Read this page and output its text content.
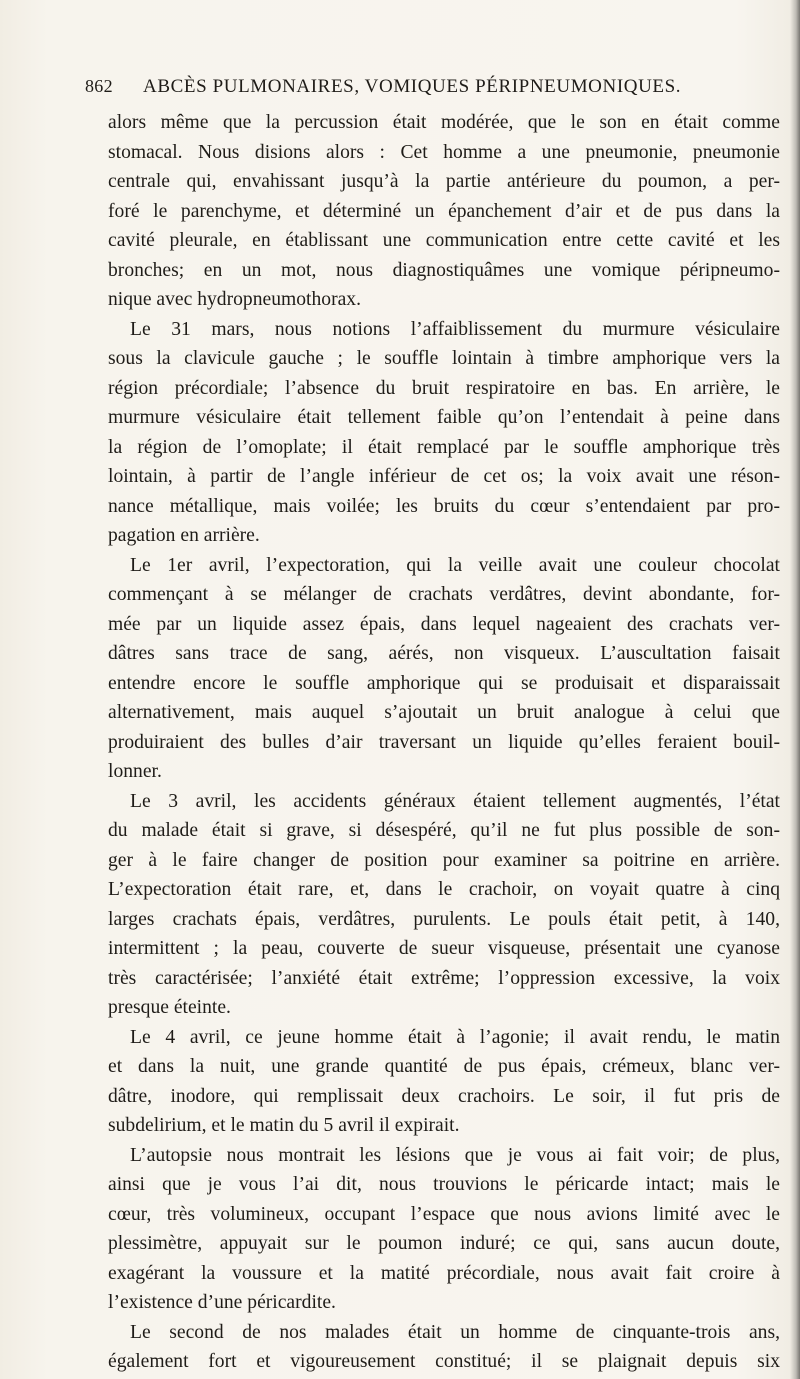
862 ABCÈS PULMONAIRES, VOMIQUES PÉRIPNEUMONIQUES.
alors même que la percussion était modérée, que le son en était comme
stomacal. Nous disions alors : Cet homme a une pneumonie, pneumonie
centrale qui, envahissant jusqu’à la partie antérieure du poumon, a per-
foré le parenchyme, et déterminé un épanchement d’air et de pus dans la
cavité pleurale, en établissant une communication entre cette cavité et les
bronches; en un mot, nous diagnostiquâmes une vomique péripneumo-
nique avec hydropneumothorax.
Le 31 mars, nous notions l’affaiblissement du murmure vésiculaire
sous la clavicule gauche ; le souffle lointain à timbre amphorique vers la
région précordiale; l’absence du bruit respiratoire en bas. En arrière, le
murmure vésiculaire était tellement faible qu’on l’entendait à peine dans
la région de l’omoplate; il était remplacé par le souffle amphorique très
lointain, à partir de l’angle inférieur de cet os; la voix avait une réson-
nance métallique, mais voilée; les bruits du cœur s’entendaient par pro-
pagation en arrière.
Le 1er avril, l’expectoration, qui la veille avait une couleur chocolat
commençant à se mélanger de crachats verdâtres, devint abondante, for-
mée par un liquide assez épais, dans lequel nageaient des crachats ver-
dâtres sans trace de sang, aérés, non visqueux. L’auscultation faisait
entendre encore le souffle amphorique qui se produisait et disparaissait
alternativement, mais auquel s’ajoutait un bruit analogue à celui que
produiraient des bulles d’air traversant un liquide qu’elles feraient bouil-
lonner.
Le 3 avril, les accidents généraux étaient tellement augmentés, l’état
du malade était si grave, si désespéré, qu’il ne fut plus possible de son-
ger à le faire changer de position pour examiner sa poitrine en arrière.
L’expectoration était rare, et, dans le crachoir, on voyait quatre à cinq
larges crachats épais, verdâtres, purulents. Le pouls était petit, à 140,
intermittent ; la peau, couverte de sueur visqueuse, présentait une cyanose
très caractérisée; l’anxiété était extrême; l’oppression excessive, la voix
presque éteinte.
Le 4 avril, ce jeune homme était à l’agonie; il avait rendu, le matin
et dans la nuit, une grande quantité de pus épais, crémeux, blanc ver-
dâtre, inodore, qui remplissait deux crachoirs. Le soir, il fut pris de
subdelirium, et le matin du 5 avril il expirait.
L’autopsie nous montrait les lésions que je vous ai fait voir; de plus,
ainsi que je vous l’ai dit, nous trouvions le péricarde intact; mais le
cœur, très volumineux, occupant l’espace que nous avions limité avec le
plessimètre, appuyait sur le poumon induré; ce qui, sans aucun doute,
exagérant la voussure et la matité précordiale, nous avait fait croire à
l’existence d’une péricardite.
Le second de nos malades était un homme de cinquante-trois ans,
également fort et vigoureusement constitué; il se plaignait depuis six
